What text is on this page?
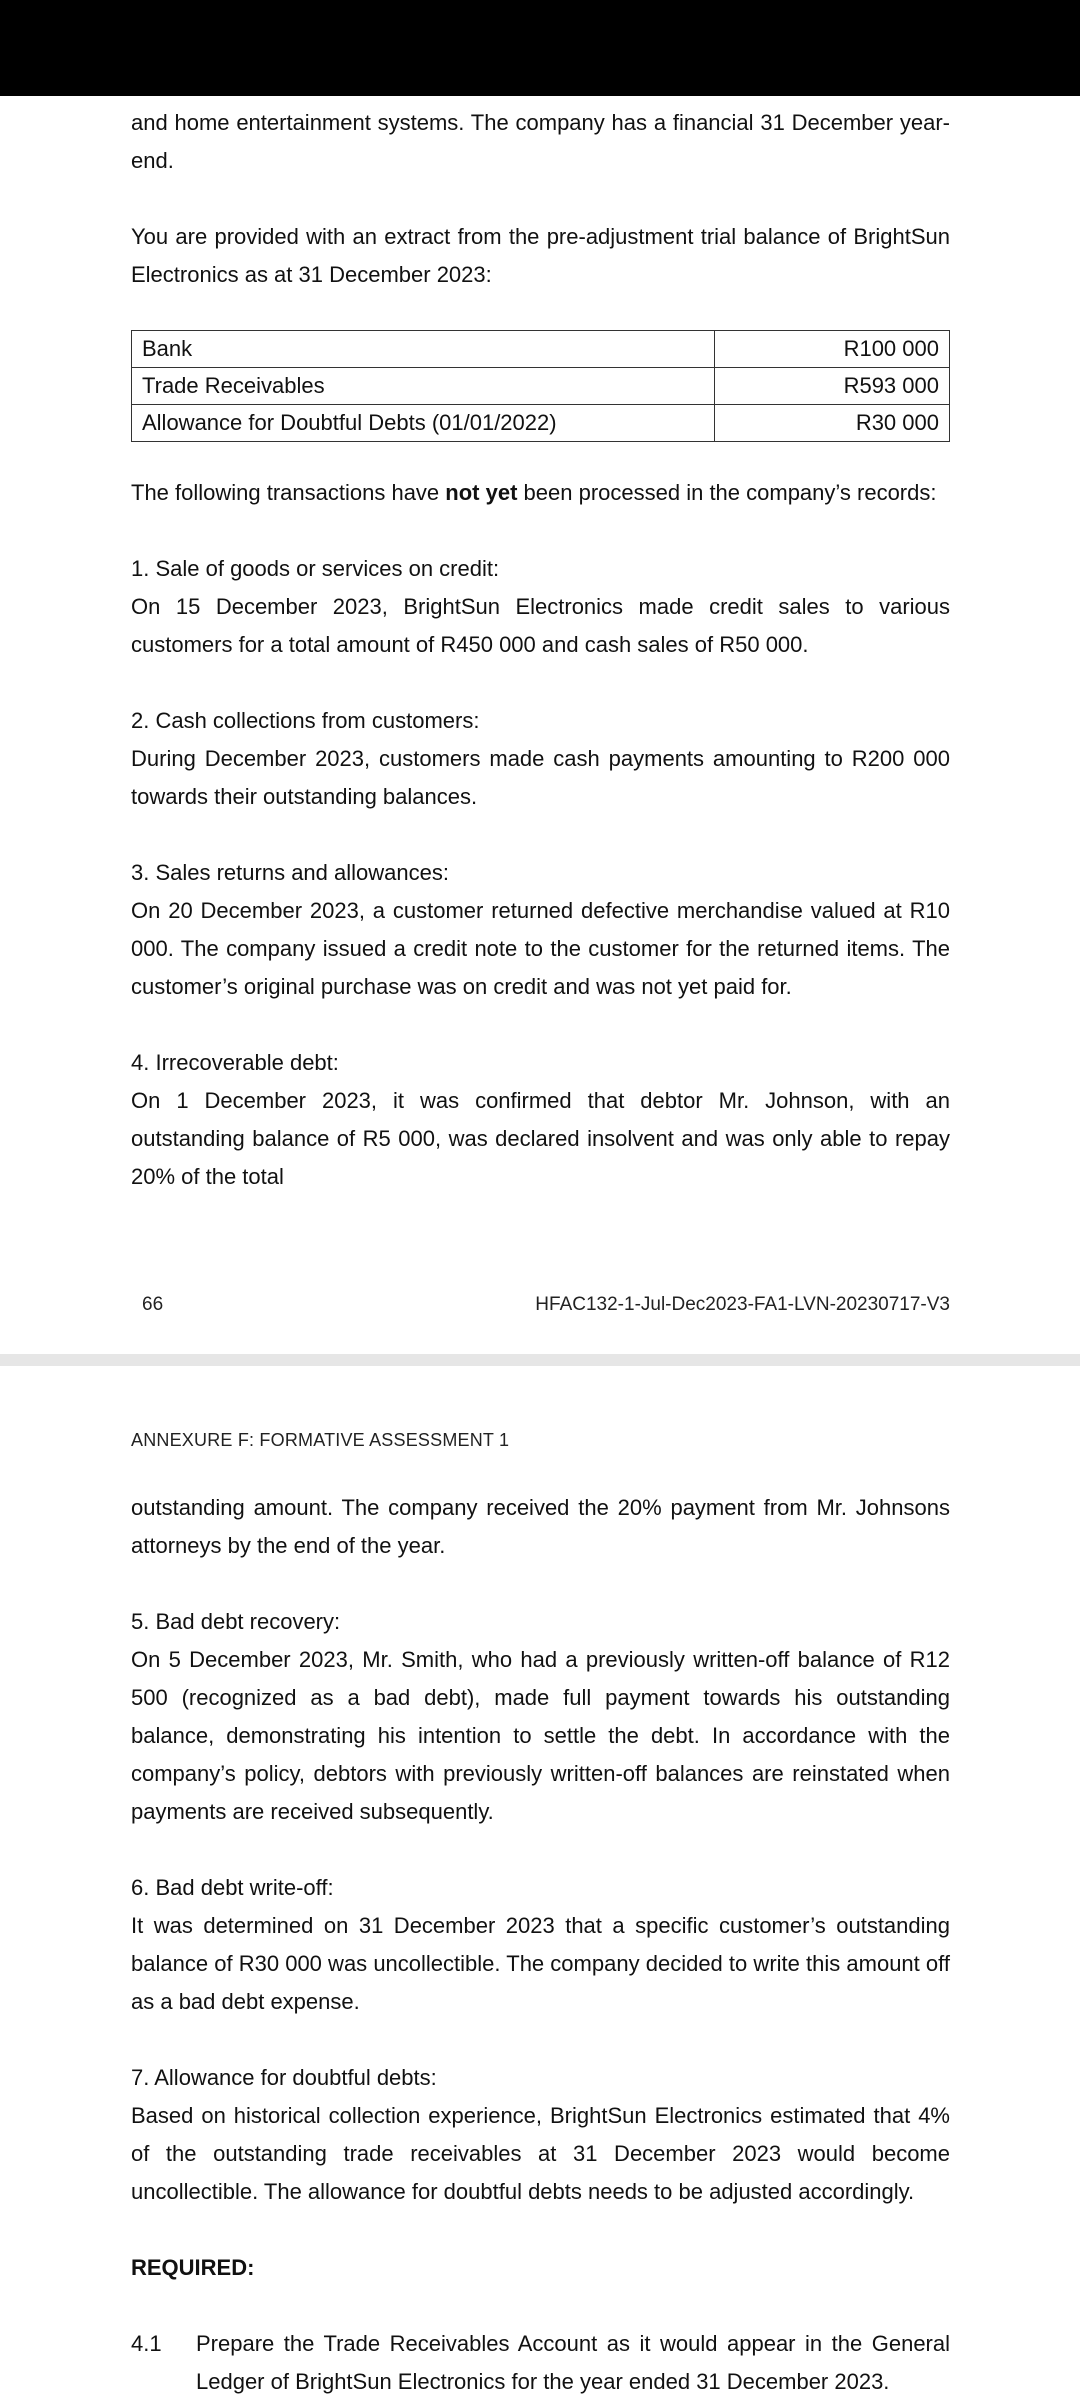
and home entertainment systems. The company has a financial 31 December year-end.

You are provided with an extract from the pre-adjustment trial balance of BrightSun Electronics as at 31 December 2023:

Bank	R100 000
Trade Receivables	R593 000
Allowance for Doubtful Debts (01/01/2022)	R30 000

The following transactions have not yet been processed in the company’s records:

1. Sale of goods or services on credit:

On 15 December 2023, BrightSun Electronics made credit sales to various customers for a total amount of R450 000 and cash sales of R50 000.

2. Cash collections from customers:

During December 2023, customers made cash payments amounting to R200 000 towards their outstanding balances.

3. Sales returns and allowances:

On 20 December 2023, a customer returned defective merchandise valued at R10 000. The company issued a credit note to the customer for the returned items. The customer’s original purchase was on credit and was not yet paid for.

4. Irrecoverable debt:

On 1 December 2023, it was confirmed that debtor Mr. Johnson, with an outstanding balance of R5 000, was declared insolvent and was only able to repay 20% of the total

66	HFAC132-1-Jul-Dec2023-FA1-LVN-20230717-V3
ANNEXURE F: FORMATIVE ASSESSMENT 1

outstanding amount. The company received the 20% payment from Mr. Johnsons attorneys by the end of the year.

5. Bad debt recovery:

On 5 December 2023, Mr. Smith, who had a previously written-off balance of R12 500 (recognized as a bad debt), made full payment towards his outstanding balance, demonstrating his intention to settle the debt. In accordance with the company’s policy, debtors with previously written-off balances are reinstated when payments are received subsequently.

6. Bad debt write-off:

It was determined on 31 December 2023 that a specific customer’s outstanding balance of R30 000 was uncollectible. The company decided to write this amount off as a bad debt expense.

7. Allowance for doubtful debts:

Based on historical collection experience, BrightSun Electronics estimated that 4% of the outstanding trade receivables at 31 December 2023 would become uncollectible. The allowance for doubtful debts needs to be adjusted accordingly.

REQUIRED:

4.1	Prepare the Trade Receivables Account as it would appear in the General Ledger of BrightSun Electronics for the year ended 31 December 2023.
